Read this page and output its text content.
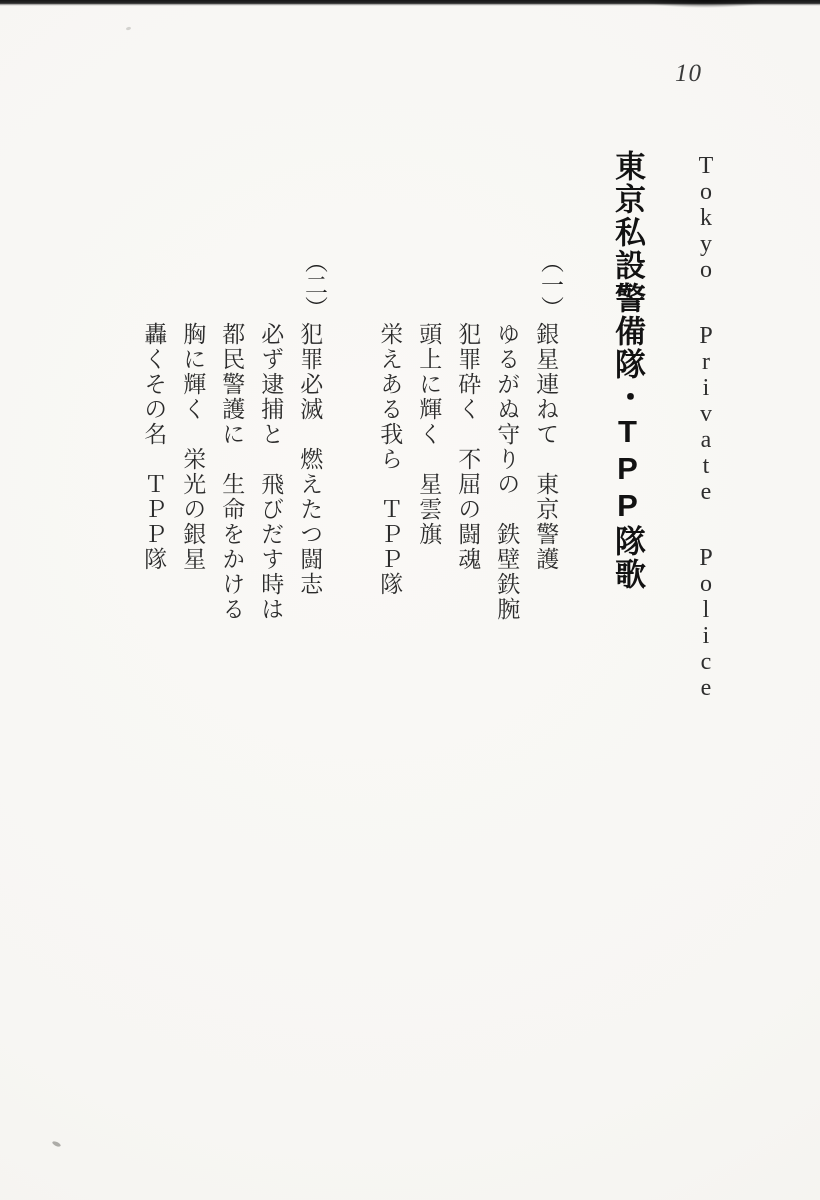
10
Tokyo Private Police
東京私設警備隊・TPP隊歌
（一）銀星連ねて　東京警護
ゆるがぬ守りの　鉄壁鉄腕
犯罪砕く　不屈の闘魂
頭上に輝く　星雲旗
栄えある我ら　ＴＰＰ隊
（二）犯罪必滅　燃えたつ闘志
必ず逮捕と　飛びだす時は
都民警護に　生命をかける
胸に輝く　栄光の銀星
轟くその名　ＴＰＰ隊
